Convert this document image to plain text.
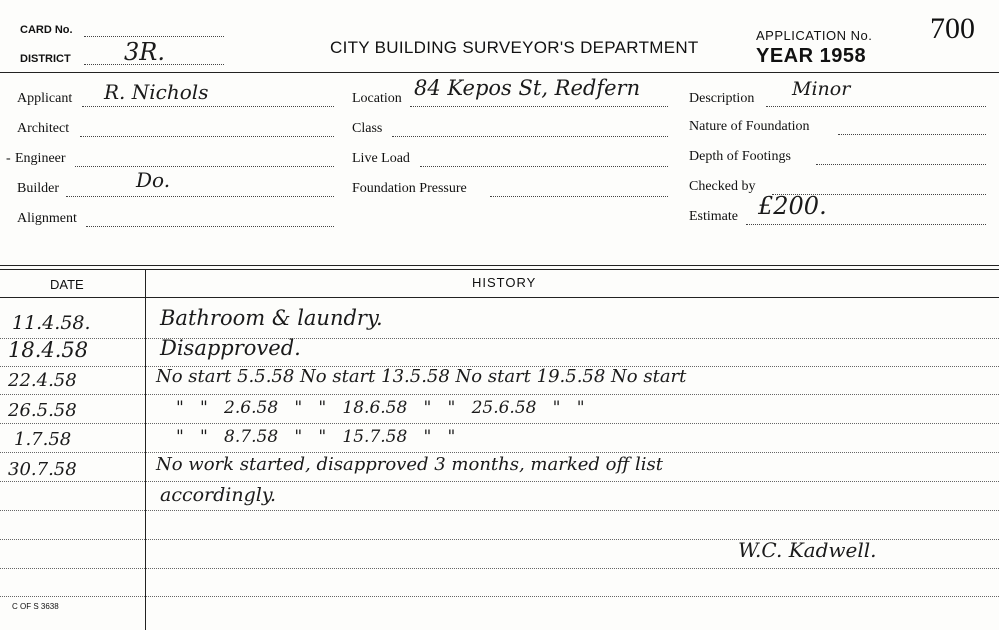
CARD No.
DISTRICT 3R.	CITY BUILDING SURVEYOR'S DEPARTMENT
APPLICATION No. 700
YEAR 1958
Applicant R. Nichols
Architect
- Engineer
Builder	Do.
Alignment
Location 84 Kepos St, Redfern
Class
Live Load
Foundation Pressure
Description Minor
Nature of Foundation
Depth of Footings
Checked by
Estimate £200.
DATE	HISTORY
11.4.58.	Bathroom & laundry.
18.4.58	Disapproved.
22.4.58	No start 5.5.58 No start 13.5.58 No start 19.5.58 No start
26.5.58	"   "   2.6.58   "   "   18.6.58   "   "   25.6.58   "   "
1.7.58	"   "   8.7.58   "   "   15.7.58   "   "
30.7.58	No work started, disapproved 3 months, marked off list
accordingly.
W.C. Kadwell.
C OF S 3638
